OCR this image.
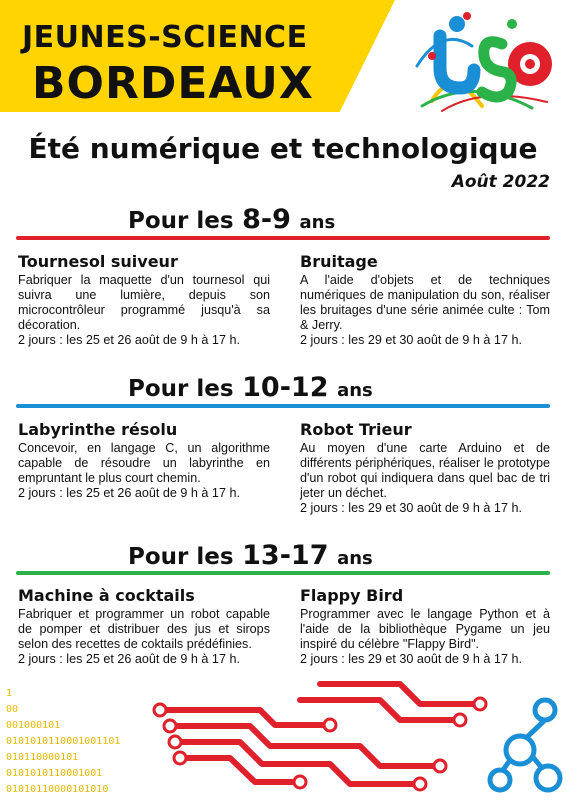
JEUNES-SCIENCE
BORDEAUX
JSB
Été numérique et technologique
Août 2022
Pour les 8-9 ans
Tournesol suiveur

Fabriquer la maquette d'un tournesol qui suivra une lumière, depuis son microcontrôleur programmé jusqu'à sa décoration.

2 jours : les 25 et 26 août de 9 h à 17 h.

Bruitage

A l'aide d'objets et de techniques numériques de manipulation du son, réaliser les bruitages d'une série animée culte : Tom & Jerry.

2 jours : les 29 et 30 août de 9 h à 17 h.

Pour les 10-12 ans
Labyrinthe résolu

Concevoir, en langage C, un algorithme capable de résoudre un labyrinthe en empruntant le plus court chemin.

2 jours : les 25 et 26 août de 9 h à 17 h.

Robot Trieur

Au moyen d'une carte Arduino et de différents périphériques, réaliser le prototype d'un robot qui indiquera dans quel bac de tri jeter un déchet.

2 jours : les 29 et 30 août de 9 h à 17 h.

Pour les 13-17 ans
Machine à cocktails

Fabriquer et programmer un robot capable de pomper et distribuer des jus et sirops selon des recettes de coktails prédéfinies.

2 jours : les 25 et 26 août de 9 h à 17 h.

Flappy Bird

Programmer avec le langage Python et à l'aide de la bibliothèque Pygame un jeu inspiré du célèbre "Flappy Bird".

2 jours : les 29 et 30 août de 9 h à 17 h.

1
00
001000101
0101010110001001101
010110000101
0101010110001001
01010110000101010
